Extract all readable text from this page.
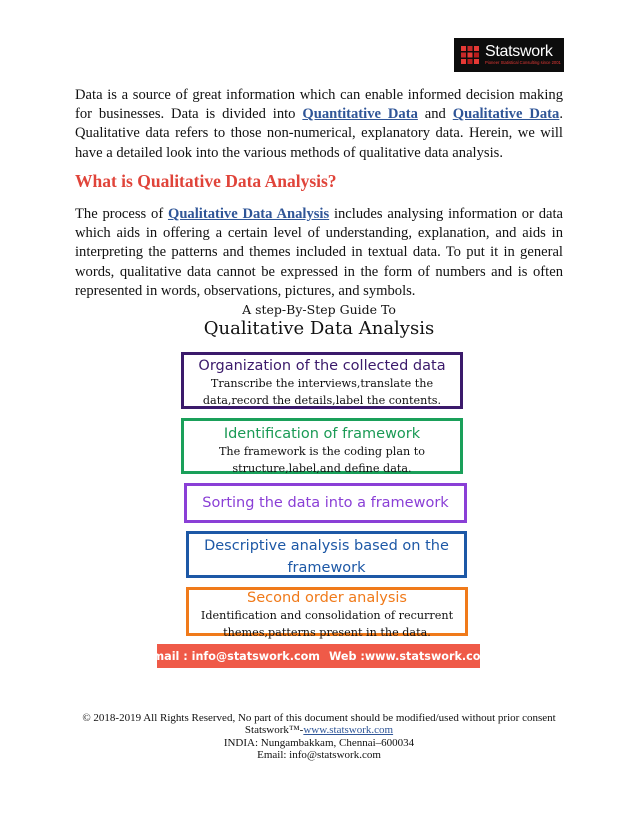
Statswork
Pioneer Statistical Consulting since 2001

Data is a source of great information which can enable informed decision making for businesses. Data is divided into Quantitative Data and Qualitative Data. Qualitative data refers to those non-numerical, explanatory data. Herein, we will have a detailed look into the various methods of qualitative data analysis.

What is Qualitative Data Analysis?

The process of Qualitative Data Analysis includes analysing information or data which aids in offering a certain level of understanding, explanation, and aids in interpreting the patterns and themes included in textual data. To put it in general words, qualitative data cannot be expressed in the form of numbers and is often represented in words, observations, pictures, and symbols.

A step-By-Step Guide To
Qualitative Data Analysis
Organization of the collected data
Transcribe the interviews,translate the
data,record the details,label the contents.
Identification of framework
The framework is the coding plan to
structure,label,and define data.
Sorting the data into a framework
Descriptive analysis based on the
framework
Second order analysis
Identification and consolidation of recurrent
themes,patterns present in the data.
Email : info@statswork.com Web :www.statswork.com
© 2018-2019 All Rights Reserved, No part of this document should be modified/used without prior consent
Statswork™-www.statswork.com
INDIA: Nungambakkam, Chennai–600034
Email: info@statswork.com
